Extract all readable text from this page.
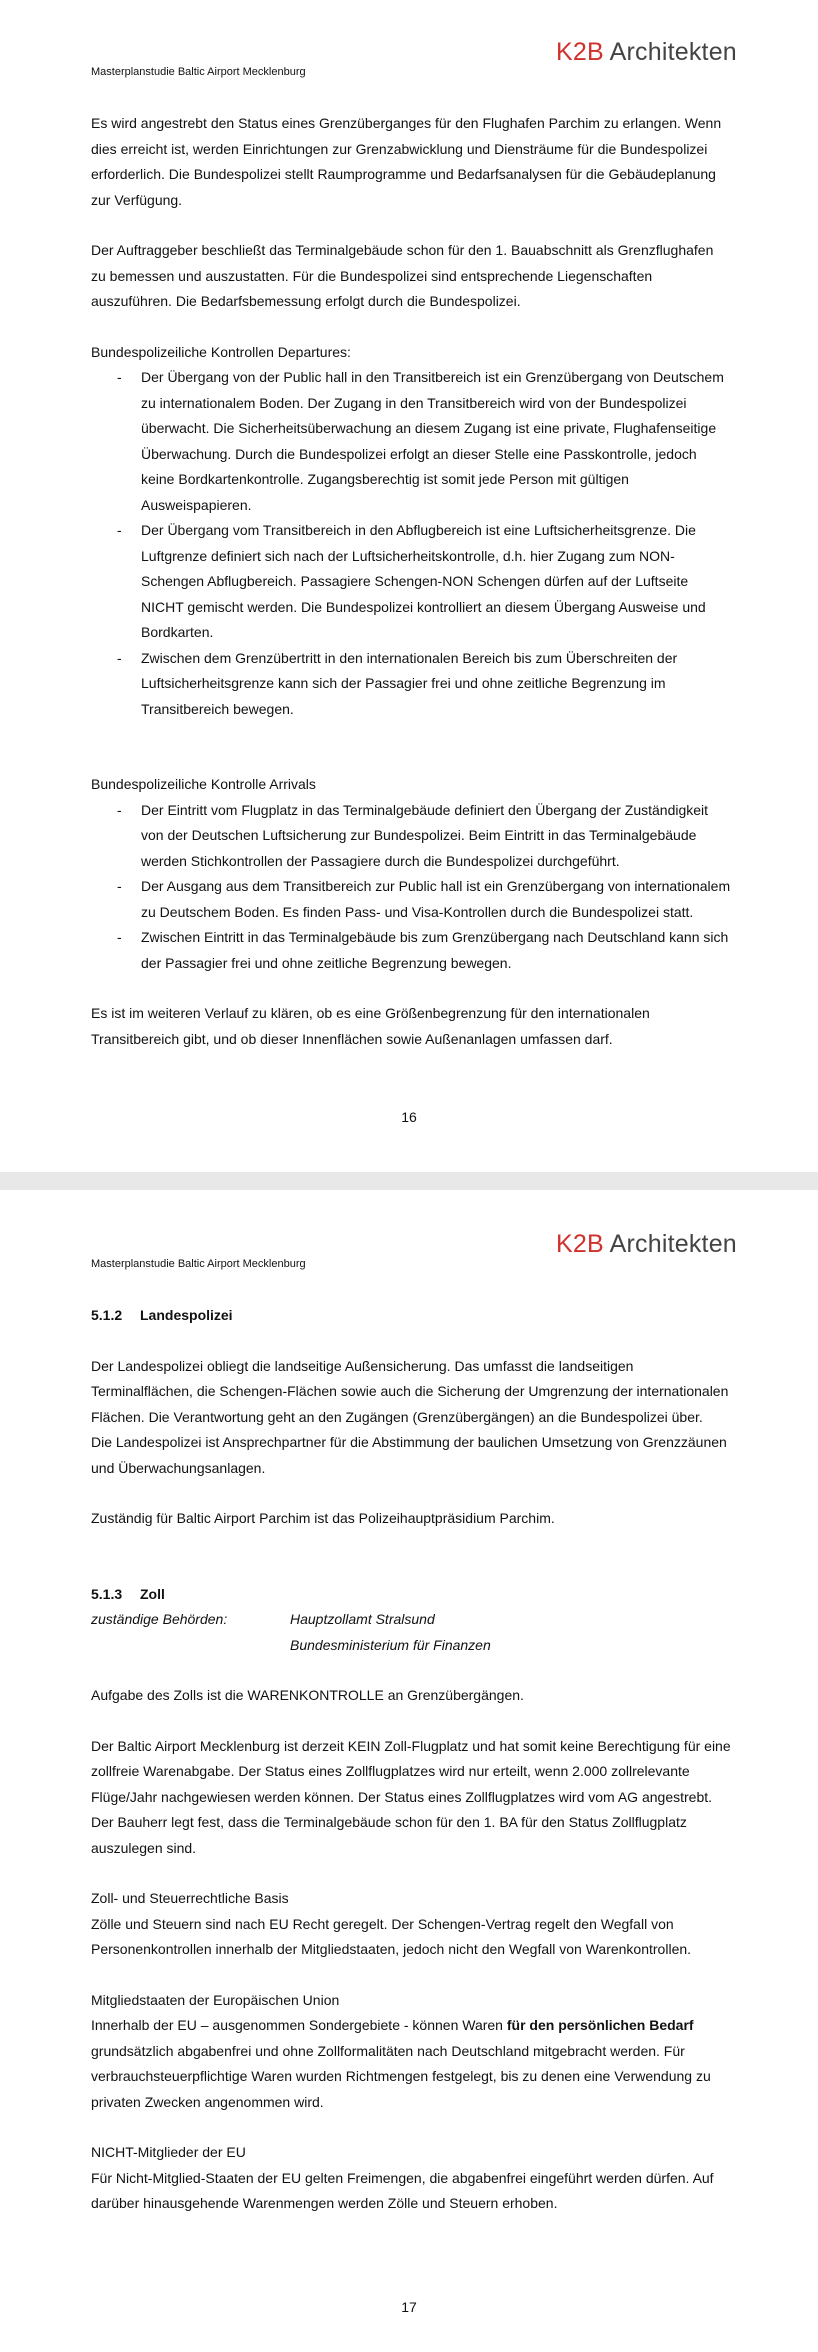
Masterplanstudie Baltic Airport Mecklenburg
K2B Architekten

Es wird angestrebt den Status eines Grenzüberganges für den Flughafen Parchim zu erlangen. Wenn dies erreicht ist, werden Einrichtungen zur Grenzabwicklung und Diensträume für die Bundespolizei erforderlich. Die Bundespolizei stellt Raumprogramme und Bedarfsanalysen für die Gebäudeplanung zur Verfügung.

Der Auftraggeber beschließt das Terminalgebäude schon für den 1. Bauabschnitt als Grenzflughafen zu bemessen und auszustatten. Für die Bundespolizei sind entsprechende Liegenschaften auszuführen. Die Bedarfsbemessung erfolgt durch die Bundespolizei.

Bundespolizeiliche Kontrollen Departures:

- Der Übergang von der Public hall in den Transitbereich ist ein Grenzübergang von Deutschem zu internationalem Boden. Der Zugang in den Transitbereich wird von der Bundespolizei überwacht. Die Sicherheitsüberwachung an diesem Zugang ist eine private, Flughafenseitige Überwachung. Durch die Bundespolizei erfolgt an dieser Stelle eine Passkontrolle, jedoch keine Bordkartenkontrolle. Zugangsberechtig ist somit jede Person mit gültigen Ausweispapieren.
- Der Übergang vom Transitbereich in den Abflugbereich ist eine Luftsicherheitsgrenze. Die Luftgrenze definiert sich nach der Luftsicherheitskontrolle, d.h. hier Zugang zum NON-Schengen Abflugbereich. Passagiere Schengen-NON Schengen dürfen auf der Luftseite NICHT gemischt werden. Die Bundespolizei kontrolliert an diesem Übergang Ausweise und Bordkarten.
- Zwischen dem Grenzübertritt in den internationalen Bereich bis zum Überschreiten der Luftsicherheitsgrenze kann sich der Passagier frei und ohne zeitliche Begrenzung im Transitbereich bewegen.

Bundespolizeiliche Kontrolle Arrivals

- Der Eintritt vom Flugplatz in das Terminalgebäude definiert den Übergang der Zuständigkeit von der Deutschen Luftsicherung zur Bundespolizei. Beim Eintritt in das Terminalgebäude werden Stichkontrollen der Passagiere durch die Bundespolizei durchgeführt.
- Der Ausgang aus dem Transitbereich zur Public hall ist ein Grenzübergang von internationalem zu Deutschem Boden. Es finden Pass- und Visa-Kontrollen durch die Bundespolizei statt.
- Zwischen Eintritt in das Terminalgebäude bis zum Grenzübergang nach Deutschland kann sich der Passagier frei und ohne zeitliche Begrenzung bewegen.

Es ist im weiteren Verlauf zu klären, ob es eine Größenbegrenzung für den internationalen Transitbereich gibt, und ob dieser Innenflächen sowie Außenanlagen umfassen darf.

16
Masterplanstudie Baltic Airport Mecklenburg
K2B Architekten
5.1.2 Landespolizei

Der Landespolizei obliegt die landseitige Außensicherung. Das umfasst die landseitigen Terminalflächen, die Schengen-Flächen sowie auch die Sicherung der Umgrenzung der internationalen Flächen. Die Verantwortung geht an den Zugängen (Grenzübergängen) an die Bundespolizei über.

Die Landespolizei ist Ansprechpartner für die Abstimmung der baulichen Umsetzung von Grenzzäunen und Überwachungsanlagen.

Zuständig für Baltic Airport Parchim ist das Polizeihauptpräsidium Parchim.

5.1.3 Zoll
zuständige Behörden:	Hauptzollamt Stralsund
Bundesministerium für Finanzen

Aufgabe des Zolls ist die WARENKONTROLLE an Grenzübergängen.

Der Baltic Airport Mecklenburg ist derzeit KEIN Zoll-Flugplatz und hat somit keine Berechtigung für eine zollfreie Warenabgabe. Der Status eines Zollflugplatzes wird nur erteilt, wenn 2.000 zollrelevante Flüge/Jahr nachgewiesen werden können. Der Status eines Zollflugplatzes wird vom AG angestrebt. Der Bauherr legt fest, dass die Terminalgebäude schon für den 1. BA für den Status Zollflugplatz auszulegen sind.

Zoll- und Steuerrechtliche Basis

Zölle und Steuern sind nach EU Recht geregelt. Der Schengen-Vertrag regelt den Wegfall von Personenkontrollen innerhalb der Mitgliedstaaten, jedoch nicht den Wegfall von Warenkontrollen.

Mitgliedstaaten der Europäischen Union

Innerhalb der EU – ausgenommen Sondergebiete - können Waren für den persönlichen Bedarf grundsätzlich abgabenfrei und ohne Zollformalitäten nach Deutschland mitgebracht werden. Für verbrauchsteuerpflichtige Waren wurden Richtmengen festgelegt, bis zu denen eine Verwendung zu privaten Zwecken angenommen wird.

NICHT-Mitglieder der EU

Für Nicht-Mitglied-Staaten der EU gelten Freimengen, die abgabenfrei eingeführt werden dürfen. Auf darüber hinausgehende Warenmengen werden Zölle und Steuern erhoben.

17
